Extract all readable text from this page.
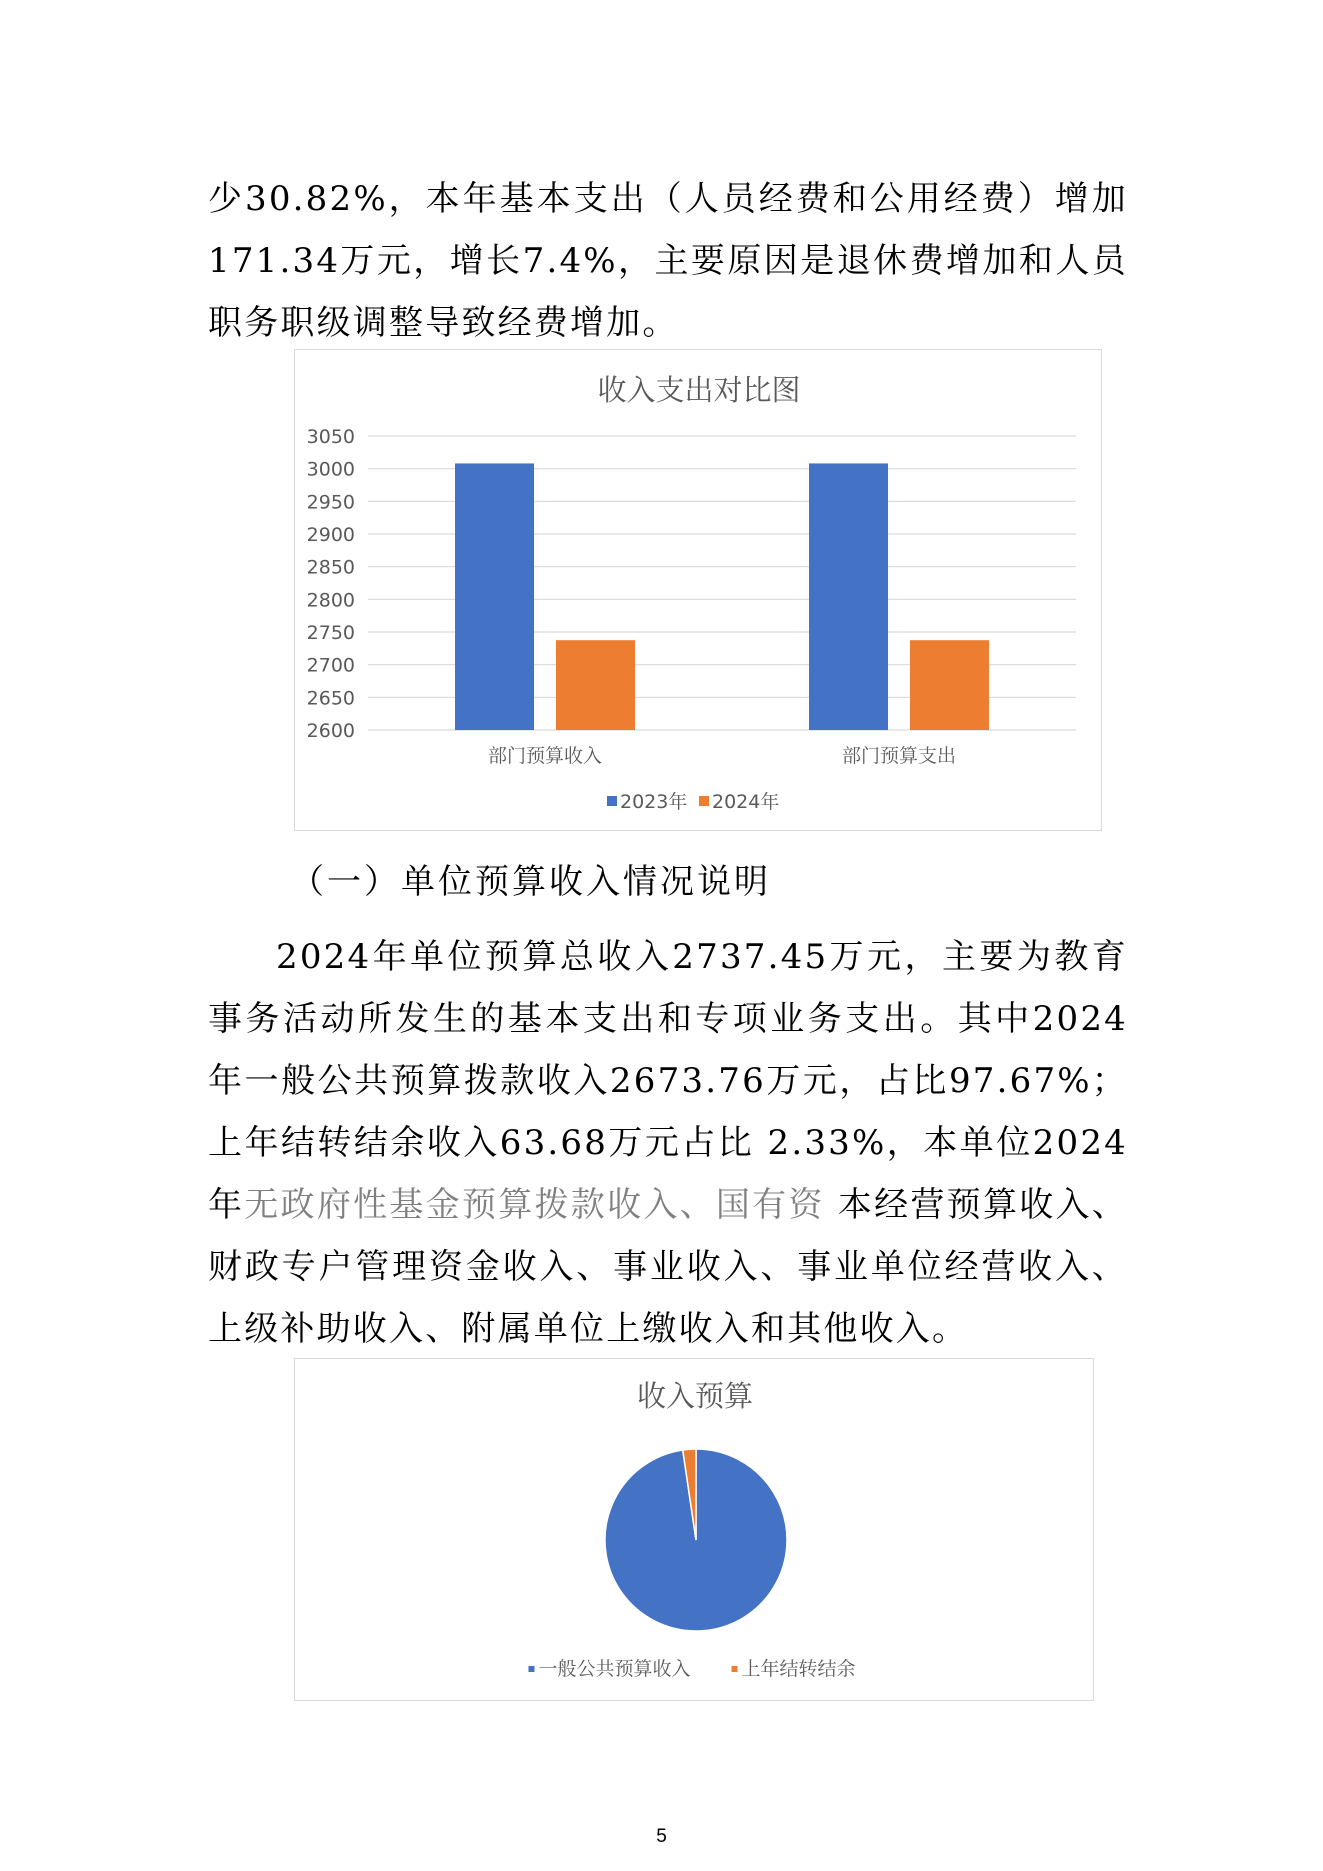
少30.82%，本年基本支出（人员经费和公用经费）增加171.34万元，增长7.4%，主要原因是退休费增加和人员职务职级调整导致经费增加。

收入支出对比图
3050
3000
2950
2900
2850
2800
2750
2700
2650
2600
部门预算收入	部门预算支出
2023年 2024年

（一）单位预算收入情况说明

2024年单位预算总收入2737.45万元，主要为教育事务活动所发生的基本支出和专项业务支出。其中2024年一般公共预算拨款收入2673.76万元，占比97.67%；上年结转结余收入63.68万元占比 2.33%，本单位2024年无政府性基金预算拨款收入、国有资 本经营预算收入、财政专户管理资金收入、事业收入、事业单位经营收入、上级补助收入、附属单位上缴收入和其他收入。

收入预算
一般公共预算收入	上年结转结余
5
